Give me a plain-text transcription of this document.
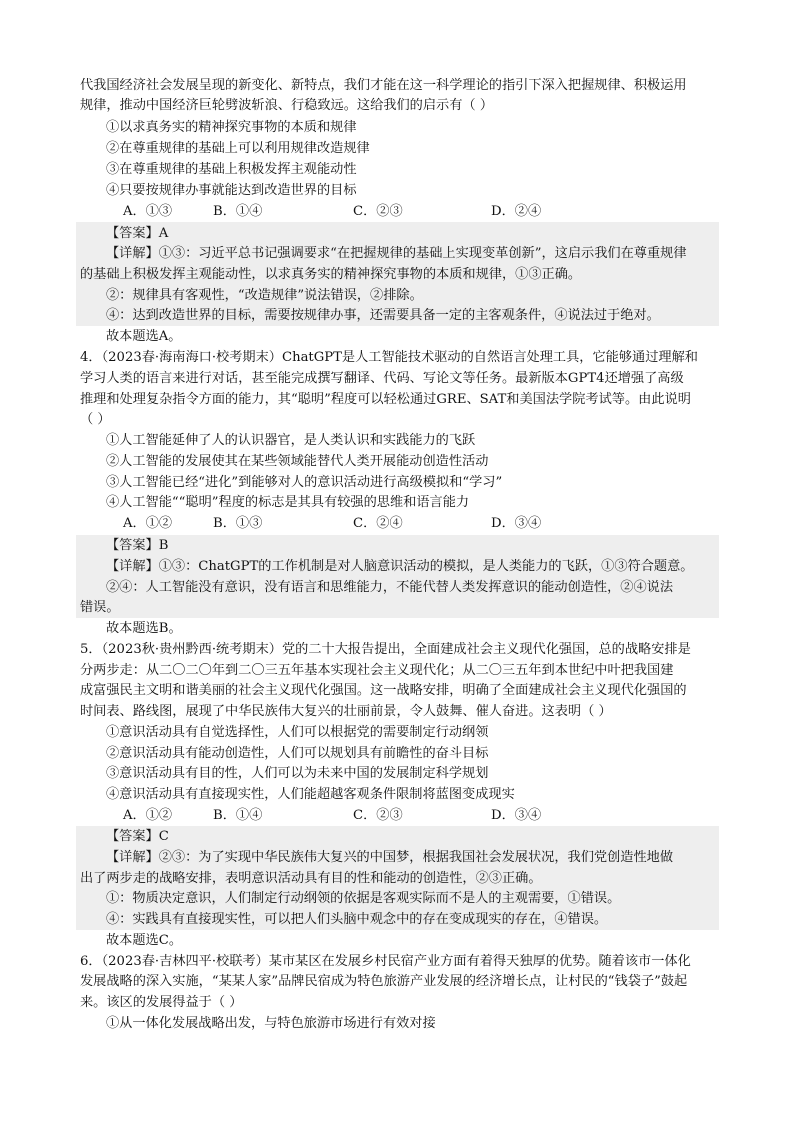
代我国经济社会发展呈现的新变化、新特点，我们才能在这一科学理论的指引下深入把握规律、积极运用
规律，推动中国经济巨轮劈波斩浪、行稳致远。这给我们的启示有（ ）
①以求真务实的精神探究事物的本质和规律
②在尊重规律的基础上可以利用规律改造规律
③在尊重规律的基础上积极发挥主观能动性
④只要按规律办事就能达到改造世界的目标
A．①③	B．①④	C．②③	D．②④
【答案】A
【详解】①③：习近平总书记强调要求“在把握规律的基础上实现变革创新”，这启示我们在尊重规律
的基础上积极发挥主观能动性，以求真务实的精神探究事物的本质和规律，①③正确。
②：规律具有客观性，“改造规律”说法错误，②排除。
④：达到改造世界的目标，需要按规律办事，还需要具备一定的主客观条件，④说法过于绝对。
故本题选A。
4．（2023春·海南海口·校考期末）ChatGPT是人工智能技术驱动的自然语言处理工具，它能够通过理解和
学习人类的语言来进行对话，甚至能完成撰写翻译、代码、写论文等任务。最新版本GPT4还增强了高级
推理和处理复杂指令方面的能力，其“聪明”程度可以轻松通过GRE、SAT和美国法学院考试等。由此说明
（ ）
①人工智能延伸了人的认识器官，是人类认识和实践能力的飞跃
②人工智能的发展使其在某些领域能替代人类开展能动创造性活动
③人工智能已经“进化”到能够对人的意识活动进行高级模拟和“学习”
④人工智能““聪明”程度的标志是其具有较强的思维和语言能力
A．①②	B．①③	C．②④	D．③④
【答案】B
【详解】①③：ChatGPT的工作机制是对人脑意识活动的模拟，是人类能力的飞跃，①③符合题意。
②④：人工智能没有意识，没有语言和思维能力，不能代替人类发挥意识的能动创造性，②④说法
错误。
故本题选B。
5．（2023秋·贵州黔西·统考期末）党的二十大报告提出，全面建成社会主义现代化强国，总的战略安排是
分两步走：从二〇二〇年到二〇三五年基本实现社会主义现代化；从二〇三五年到本世纪中叶把我国建
成富强民主文明和谐美丽的社会主义现代化强国。这一战略安排，明确了全面建成社会主义现代化强国的
时间表、路线图，展现了中华民族伟大复兴的壮丽前景，令人鼓舞、催人奋进。这表明（ ）
①意识活动具有自觉选择性，人们可以根据党的需要制定行动纲领
②意识活动具有能动创造性，人们可以规划具有前瞻性的奋斗目标
③意识活动具有目的性，人们可以为未来中国的发展制定科学规划
④意识活动具有直接现实性，人们能超越客观条件限制将蓝图变成现实
A．①②	B．①④	C．②③	D．③④
【答案】C
【详解】②③：为了实现中华民族伟大复兴的中国梦，根据我国社会发展状况，我们党创造性地做
出了两步走的战略安排，表明意识活动具有目的性和能动的创造性，②③正确。
①：物质决定意识，人们制定行动纲领的依据是客观实际而不是人的主观需要，①错误。
④：实践具有直接现实性，可以把人们头脑中观念中的存在变成现实的存在，④错误。
故本题选C。
6．（2023春·吉林四平·校联考）某市某区在发展乡村民宿产业方面有着得天独厚的优势。随着该市一体化
发展战略的深入实施，“某某人家”品牌民宿成为特色旅游产业发展的经济增长点，让村民的“钱袋子”鼓起
来。该区的发展得益于（ ）
①从一体化发展战略出发，与特色旅游市场进行有效对接
